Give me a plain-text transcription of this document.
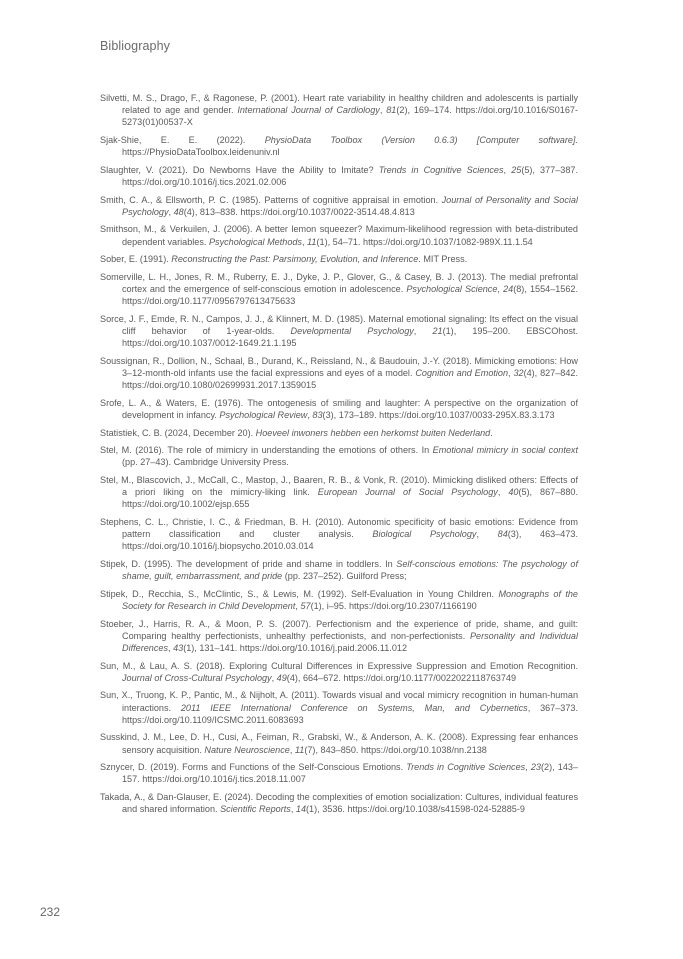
Bibliography
Silvetti, M. S., Drago, F., & Ragonese, P. (2001). Heart rate variability in healthy children and adolescents is partially related to age and gender. International Journal of Cardiology, 81(2), 169–174. https://doi.org/10.1016/S0167-5273(01)00537-X
Sjak-Shie, E. E. (2022). PhysioData Toolbox (Version 0.6.3) [Computer software]. https://PhysioDataToolbox.leidenuniv.nl
Slaughter, V. (2021). Do Newborns Have the Ability to Imitate? Trends in Cognitive Sciences, 25(5), 377–387. https://doi.org/10.1016/j.tics.2021.02.006
Smith, C. A., & Ellsworth, P. C. (1985). Patterns of cognitive appraisal in emotion. Journal of Personality and Social Psychology, 48(4), 813–838. https://doi.org/10.1037/0022-3514.48.4.813
Smithson, M., & Verkuilen, J. (2006). A better lemon squeezer? Maximum-likelihood regression with beta-distributed dependent variables. Psychological Methods, 11(1), 54–71. https://doi.org/10.1037/1082-989X.11.1.54
Sober, E. (1991). Reconstructing the Past: Parsimony, Evolution, and Inference. MIT Press.
Somerville, L. H., Jones, R. M., Ruberry, E. J., Dyke, J. P., Glover, G., & Casey, B. J. (2013). The medial prefrontal cortex and the emergence of self-conscious emotion in adolescence. Psychological Science, 24(8), 1554–1562. https://doi.org/10.1177/0956797613475633
Sorce, J. F., Emde, R. N., Campos, J. J., & Klinnert, M. D. (1985). Maternal emotional signaling: Its effect on the visual cliff behavior of 1-year-olds. Developmental Psychology, 21(1), 195–200. EBSCOhost. https://doi.org/10.1037/0012-1649.21.1.195
Soussignan, R., Dollion, N., Schaal, B., Durand, K., Reissland, N., & Baudouin, J.-Y. (2018). Mimicking emotions: How 3–12-month-old infants use the facial expressions and eyes of a model. Cognition and Emotion, 32(4), 827–842. https://doi.org/10.1080/02699931.2017.1359015
Srofe, L. A., & Waters, E. (1976). The ontogenesis of smiling and laughter: A perspective on the organization of development in infancy. Psychological Review, 83(3), 173–189. https://doi.org/10.1037/0033-295X.83.3.173
Statistiek, C. B. (2024, December 20). Hoeveel inwoners hebben een herkomst buiten Nederland.
Stel, M. (2016). The role of mimicry in understanding the emotions of others. In Emotional mimicry in social context (pp. 27–43). Cambridge University Press.
Stel, M., Blascovich, J., McCall, C., Mastop, J., Baaren, R. B., & Vonk, R. (2010). Mimicking disliked others: Effects of a priori liking on the mimicry-liking link. European Journal of Social Psychology, 40(5), 867–880. https://doi.org/10.1002/ejsp.655
Stephens, C. L., Christie, I. C., & Friedman, B. H. (2010). Autonomic specificity of basic emotions: Evidence from pattern classification and cluster analysis. Biological Psychology, 84(3), 463–473. https://doi.org/10.1016/j.biopsycho.2010.03.014
Stipek, D. (1995). The development of pride and shame in toddlers. In Self-conscious emotions: The psychology of shame, guilt, embarrassment, and pride (pp. 237–252). Guilford Press;
Stipek, D., Recchia, S., McClintic, S., & Lewis, M. (1992). Self-Evaluation in Young Children. Monographs of the Society for Research in Child Development, 57(1), i–95. https://doi.org/10.2307/1166190
Stoeber, J., Harris, R. A., & Moon, P. S. (2007). Perfectionism and the experience of pride, shame, and guilt: Comparing healthy perfectionists, unhealthy perfectionists, and non-perfectionists. Personality and Individual Differences, 43(1), 131–141. https://doi.org/10.1016/j.paid.2006.11.012
Sun, M., & Lau, A. S. (2018). Exploring Cultural Differences in Expressive Suppression and Emotion Recognition. Journal of Cross-Cultural Psychology, 49(4), 664–672. https://doi.org/10.1177/0022022118763749
Sun, X., Truong, K. P., Pantic, M., & Nijholt, A. (2011). Towards visual and vocal mimicry recognition in human-human interactions. 2011 IEEE International Conference on Systems, Man, and Cybernetics, 367–373. https://doi.org/10.1109/ICSMC.2011.6083693
Susskind, J. M., Lee, D. H., Cusi, A., Feiman, R., Grabski, W., & Anderson, A. K. (2008). Expressing fear enhances sensory acquisition. Nature Neuroscience, 11(7), 843–850. https://doi.org/10.1038/nn.2138
Sznycer, D. (2019). Forms and Functions of the Self-Conscious Emotions. Trends in Cognitive Sciences, 23(2), 143–157. https://doi.org/10.1016/j.tics.2018.11.007
Takada, A., & Dan-Glauser, E. (2024). Decoding the complexities of emotion socialization: Cultures, individual features and shared information. Scientific Reports, 14(1), 3536. https://doi.org/10.1038/s41598-024-52885-9
232
